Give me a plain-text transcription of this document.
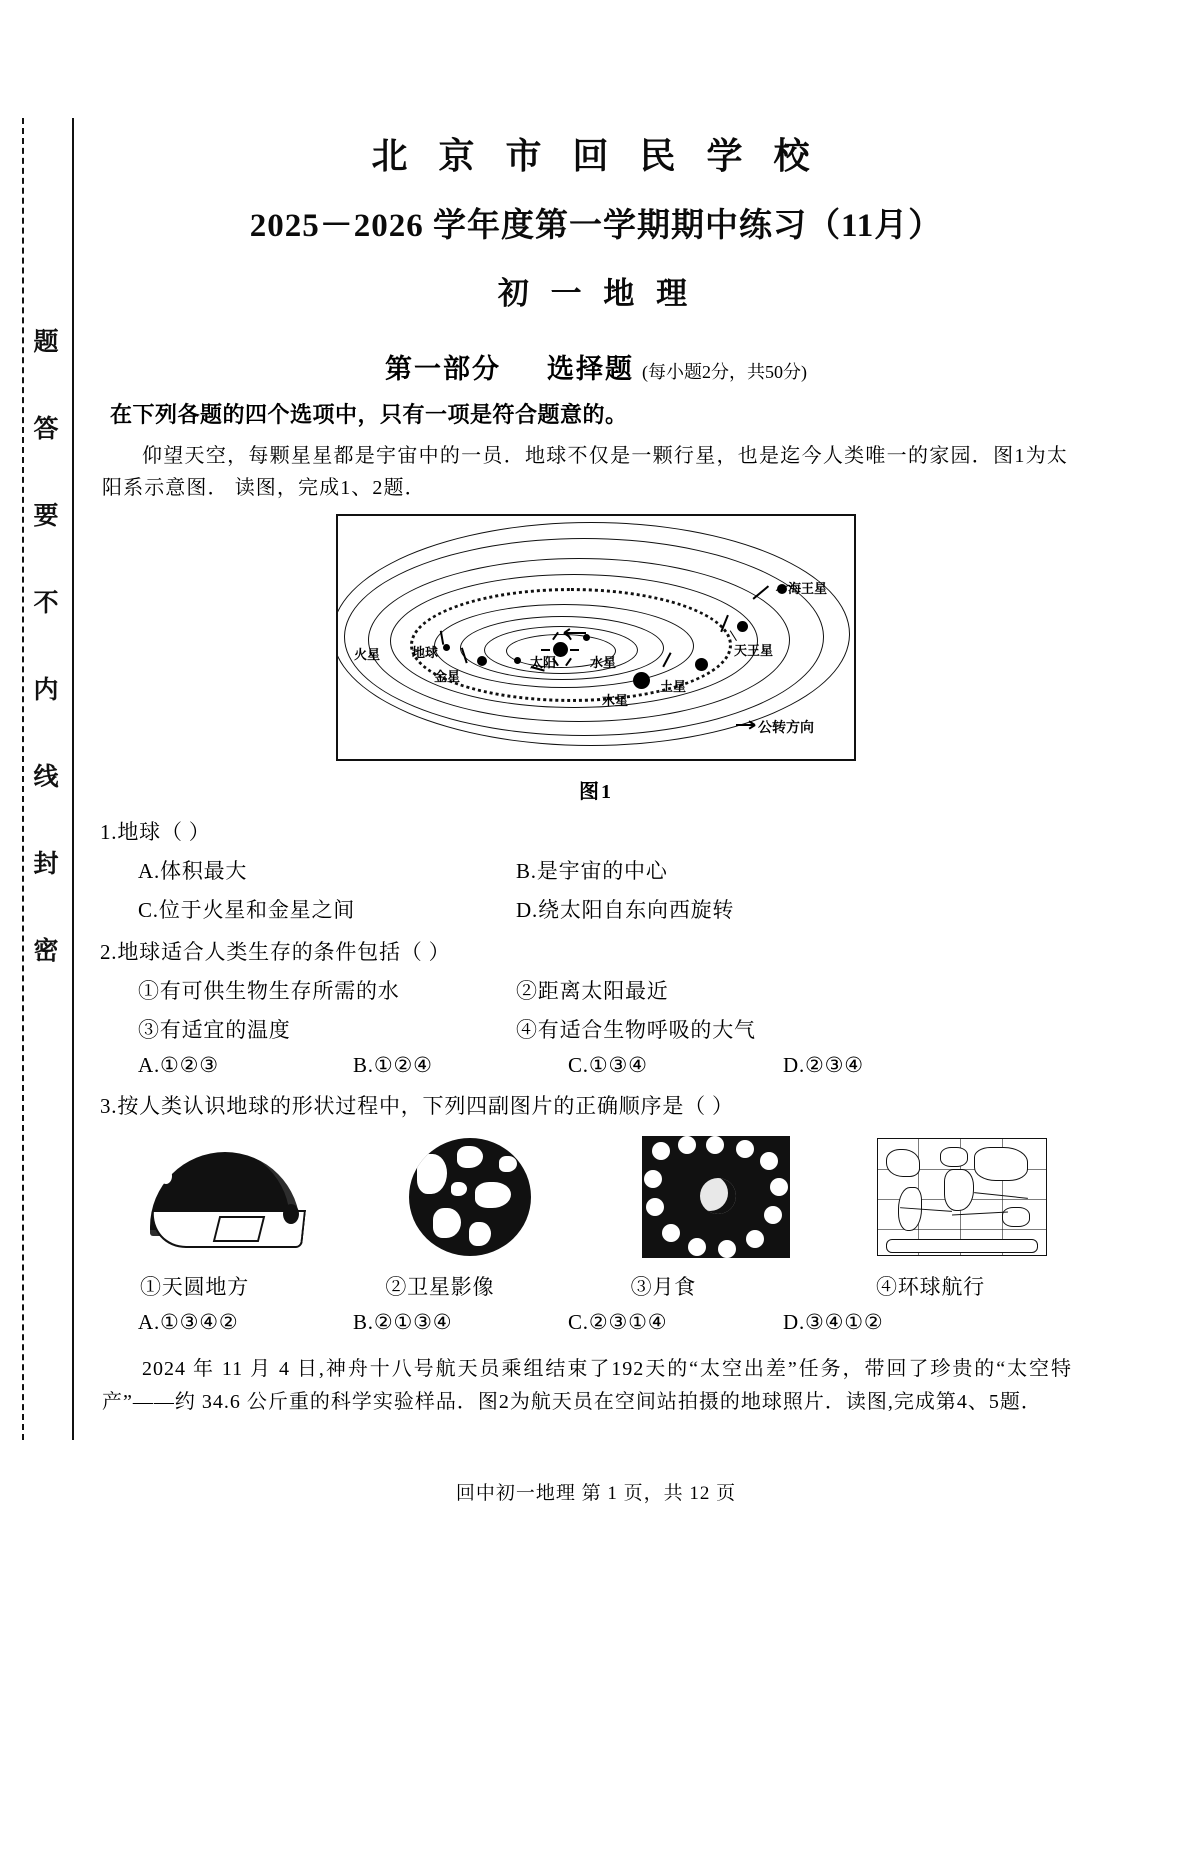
题
答
要
不
内
线
封
密
北 京 市 回 民 学 校
2025－2026 学年度第一学期期中练习（11月）
初 一 地 理
第一部分 选择题 (每小题2分，共50分)
在下列各题的四个选项中，只有一项是符合题意的。
仰望天空，每颗星星都是宇宙中的一员．地球不仅是一颗行星，也是迄今人类唯一的家园．图1为太阳系示意图． 读图，完成1、2题．
太阳	水星
金星
地球
火星
木星
土星
天王星
海王星
公转方向
图1
1.地球（ ）
A.体积最大	B.是宇宙的中心
C.位于火星和金星之间	D.绕太阳自东向西旋转
2.地球适合人类生存的条件包括（ ）
①有可供生物生存所需的水	②距离太阳最近
③有适宜的温度	④有适合生物呼吸的大气
A.①②③	B.①②④	C.①③④	D.②③④
3.按人类认识地球的形状过程中，下列四副图片的正确顺序是（ ）
①天圆地方	②卫星影像	③月食	④环球航行
A.①③④②	B.②①③④	C.②③①④	D.③④①②
2024 年 11 月 4 日,神舟十八号航天员乘组结束了192天的“太空出差”任务，带回了珍贵的“太空特产”——约 34.6 公斤重的科学实验样品．图2为航天员在空间站拍摄的地球照片．读图,完成第4、5题．
回中初一地理 第 1 页，共 12 页
